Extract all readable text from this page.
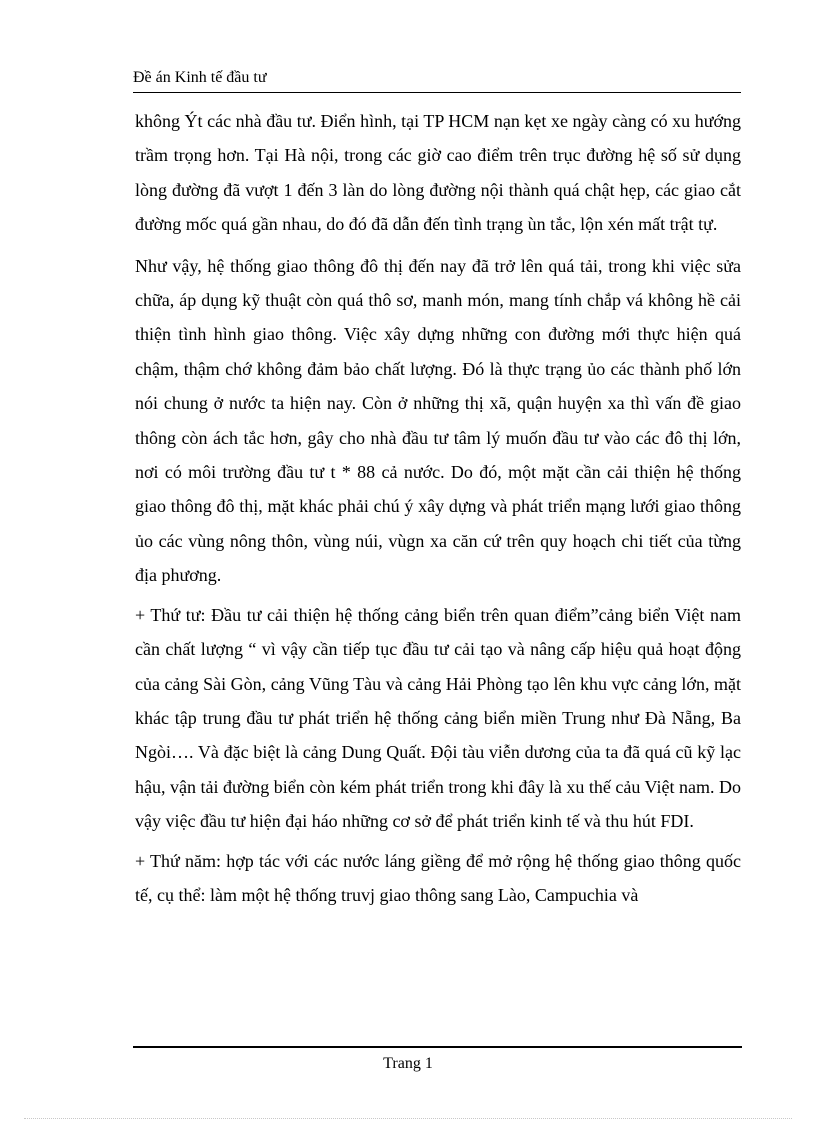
Đề án Kinh tế đầu tư

không Ýt các nhà đầu tư. Điển hình, tại TP HCM nạn kẹt xe ngày càng có xu hướng trầm trọng hơn. Tại Hà nội, trong các giờ cao điểm trên trục đường hệ số sử dụng lòng đường đã vượt 1 đến 3 làn do lòng đường nội thành quá chật hẹp, các giao cắt đường mốc quá gần nhau, do đó đã dẫn đến tình trạng ùn tắc, lộn xén mất trật tự.

Như vậy, hệ thống giao thông đô thị đến nay đã trở lên quá tải, trong khi việc sửa chữa, áp dụng kỹ thuật còn quá thô sơ, manh món, mang tính chắp vá không hề cải thiện tình hình giao thông. Việc xây dựng những con đường mới thực hiện quá chậm, thậm chớ không đảm bảo chất lượng. Đó là thực trạng ủo các thành phố lớn nói chung ở nước ta hiện nay. Còn ở những thị xã, quận huyện xa thì vấn đề giao thông còn ách tắc hơn, gây cho nhà đầu tư tâm lý muốn đầu tư vào các đô thị lớn, nơi có môi trường đầu tư t * 88 cả nước. Do đó, một mặt cần cải thiện hệ thống giao thông đô thị, mặt khác phải chú ý xây dựng và phát triển mạng lưới giao thông ủo các vùng nông thôn, vùng núi, vùgn xa căn cứ trên quy hoạch chi tiết của từng địa phương.

+ Thứ tư: Đầu tư cải thiện hệ thống cảng biển trên quan điểm”cảng biển Việt nam cần chất lượng “ vì vậy cần tiếp tục đầu tư cải tạo và nâng cấp hiệu quả hoạt động của cảng Sài Gòn, cảng Vũng Tàu và cảng Hải Phòng tạo lên khu vực cảng lớn, mặt khác tập trung đầu tư phát triển hệ thống cảng biển miền Trung như Đà Nẵng, Ba Ngòi…. Và đặc biệt là cảng Dung Quất. Đội tàu viễn dương của ta đã quá cũ kỹ lạc hậu, vận tải đường biển còn kém phát triển trong khi đây là xu thế cảu Việt nam. Do vậy việc đầu tư hiện đại háo những cơ sở để phát triển kinh tế và thu hút FDI.

+ Thứ năm: hợp tác với các nước láng giềng để mở rộng hệ thống giao thông quốc tế, cụ thể: làm một hệ thống truvj giao thông sang Lào, Campuchia và

Trang 1
